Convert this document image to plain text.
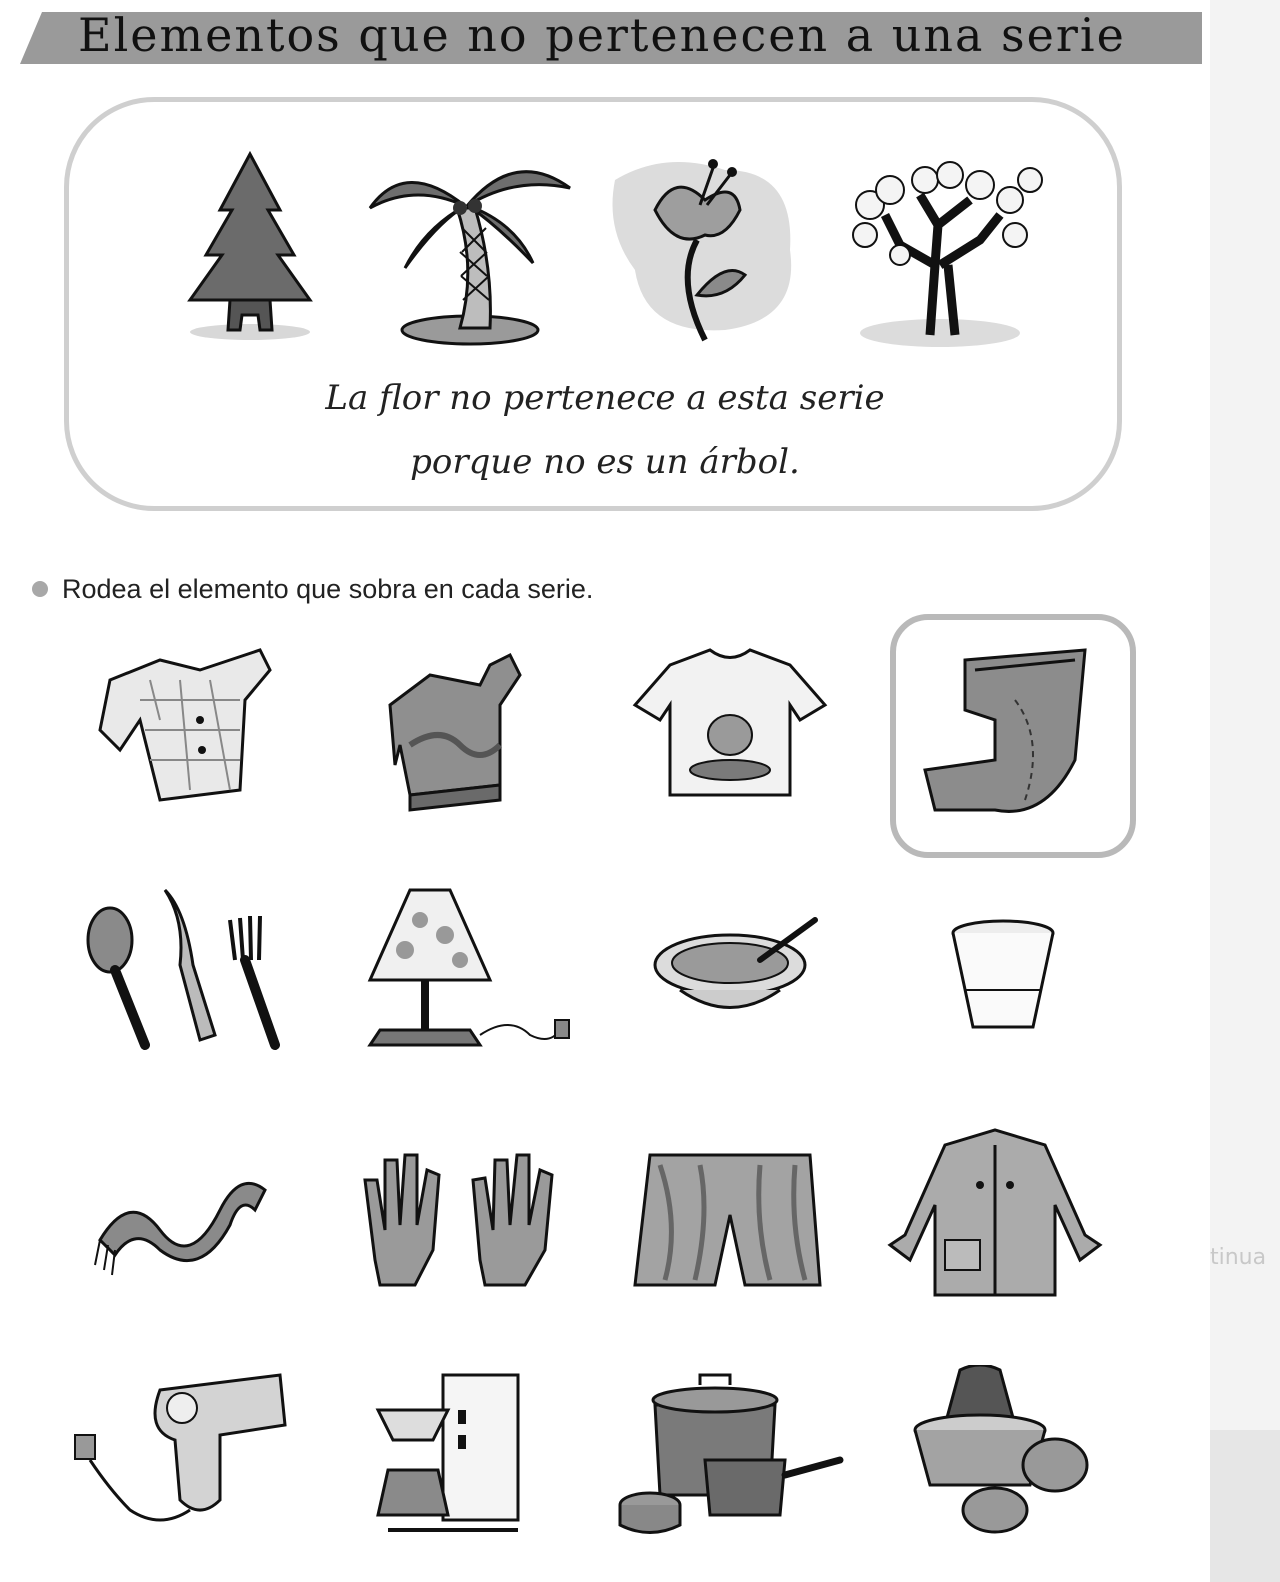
Elementos que no pertenecen a una serie
La flor no pertenece a esta serie
porque no es un árbol.
Rodea el elemento que sobra en cada serie.
tinua
